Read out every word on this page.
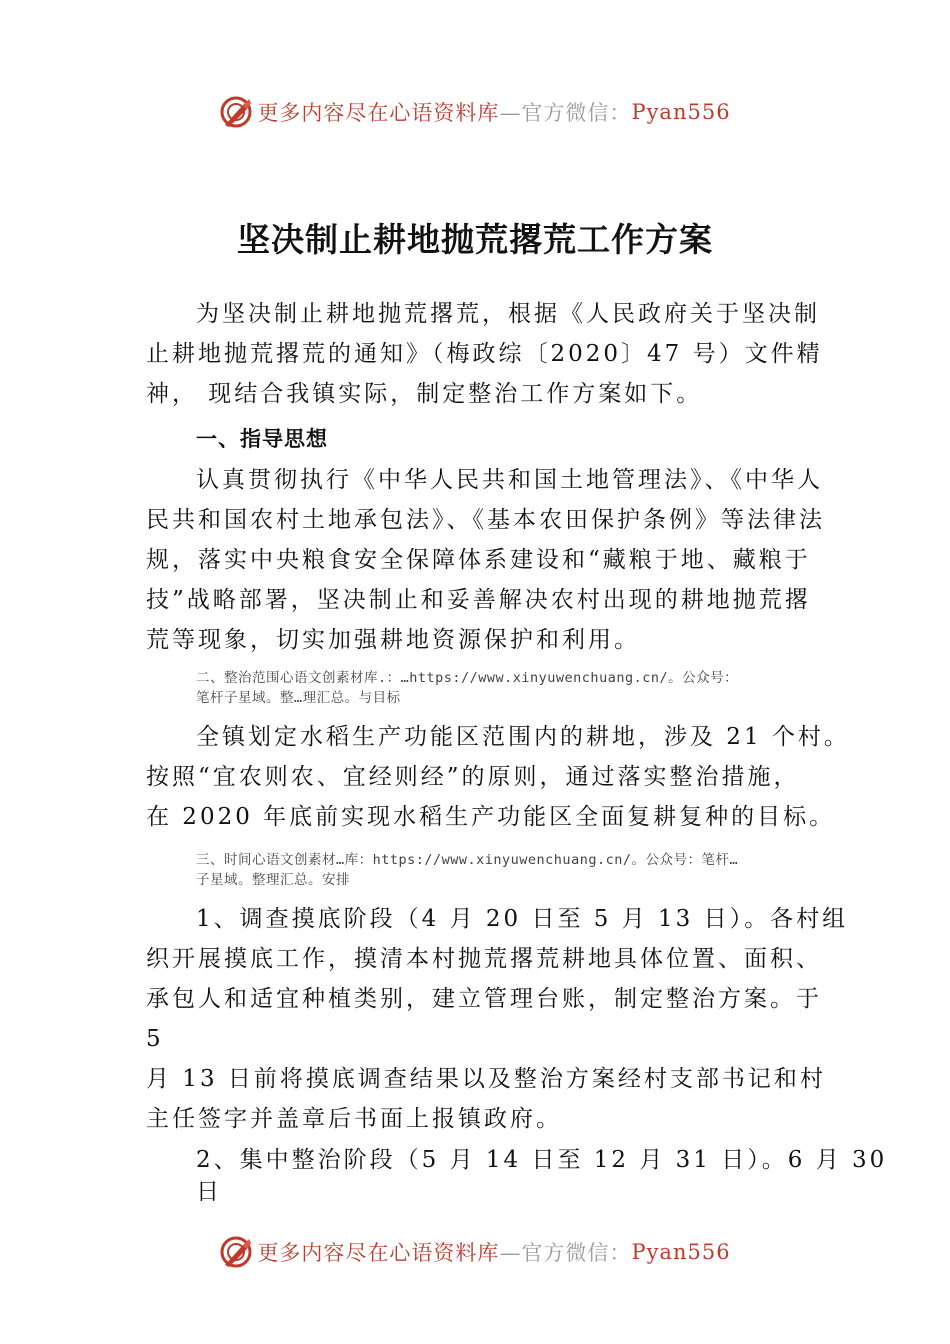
更多内容尽在心语资料库 —官方微信： Pyan556
坚决制止耕地抛荒撂荒工作方案
为坚决制止耕地抛荒撂荒，根据《人民政府关于坚决制
止耕地抛荒撂荒的通知》（梅政综〔2020〕47 号）文件精
神， 现结合我镇实际，制定整治工作方案如下。
一、指导思想
认真贯彻执行《中华人民共和国土地管理法》、《中华人
民共和国农村土地承包法》、《基本农田保护条例》等法律法
规，落实中央粮食安全保障体系建设和“藏粮于地、藏粮于
技”战略部署，坚决制止和妥善解决农村出现的耕地抛荒撂
荒等现象，切实加强耕地资源保护和利用。
二、整治范围心语文创素材库.：…https://www.xinyuwenchuang.cn/。公众号：
笔杆子星域。整…理汇总。与目标
全镇划定水稻生产功能区范围内的耕地，涉及 21 个村。
按照“宜农则农、宜经则经”的原则，通过落实整治措施，
在 2020 年底前实现水稻生产功能区全面复耕复种的目标。
三、时间心语文创素材…库：https://www.xinyuwenchuang.cn/。公众号：笔杆…
子星域。整理汇总。安排
1、调查摸底阶段（4 月 20 日至 5 月 13 日）。各村组
织开展摸底工作，摸清本村抛荒撂荒耕地具体位置、面积、
承包人和适宜种植类别，建立管理台账，制定整治方案。于
5
月 13 日前将摸底调查结果以及整治方案经村支部书记和村
主任签字并盖章后书面上报镇政府。
2、集中整治阶段（5 月 14 日至 12 月 31 日）。6 月 30
日
更多内容尽在心语资料库 —官方微信： Pyan556
